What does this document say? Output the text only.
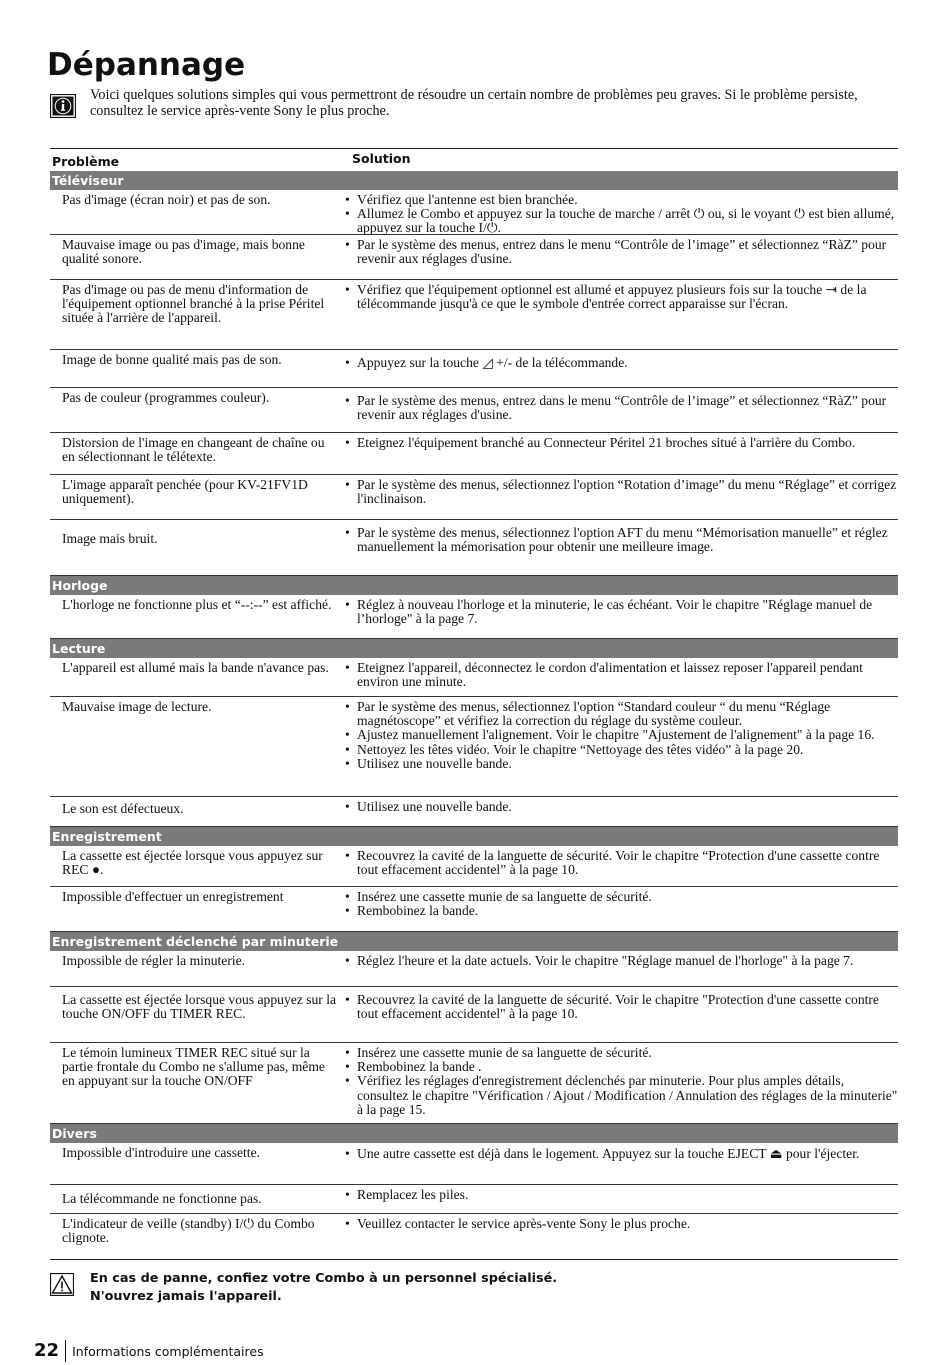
Dépannage

Voici quelques solutions simples qui vous permettront de résoudre un certain nombre de problèmes peu graves. Si le problème persiste, consultez le service après-vente Sony le plus proche.

Problème	Solution
Téléviseur
Pas d'image (écran noir) et pas de son.	• Vérifiez que l'antenne est bien branchée.
• Allumez le Combo et appuyez sur la touche de marche / arrêt ⏻ ou, si le voyant ⏻ est bien allumé, appuyez sur la touche I/⏻.
Mauvaise image ou pas d'image, mais bonne qualité sonore.
• Par le système des menus, entrez dans le menu “Contrôle de l’image” et sélectionnez “RàZ” pour revenir aux réglages d'usine.
Pas d'image ou pas de menu d'information de l'équipement optionnel branché à la prise Péritel située à l'arrière de l'appareil.
• Vérifiez que l'équipement optionnel est allumé et appuyez plusieurs fois sur la touche ⇥ de la télécommande jusqu'à ce que le symbole d'entrée correct apparaisse sur l'écran.
Image de bonne qualité mais pas de son.	• Appuyez sur la touche ◿ +/- de la télécommande.
Pas de couleur (programmes couleur).	• Par le système des menus, entrez dans le menu “Contrôle de l’image” et sélectionnez “RàZ” pour revenir aux réglages d'usine.
Distorsion de l'image en changeant de chaîne ou en sélectionnant le télétexte.
• Eteignez l'équipement branché au Connecteur Péritel 21 broches situé à l'arrière du Combo.
L'image apparaît penchée (pour KV-21FV1D uniquement).
• Par le système des menus, sélectionnez l'option “Rotation d’image” du menu “Réglage” et corrigez l'inclinaison.
Image mais bruit.	• Par le système des menus, sélectionnez l'option AFT du menu “Mémorisation manuelle” et réglez manuellement la mémorisation pour obtenir une meilleure image.
Horloge
L'horloge ne fonctionne plus et “--:--” est affiché.	• Réglez à nouveau l'horloge et la minuterie, le cas échéant. Voir le chapitre "Réglage manuel de l’horloge" à la page 7.
Lecture
L'appareil est allumé mais la bande n'avance pas.	• Eteignez l'appareil, déconnectez le cordon d'alimentation et laissez reposer l'appareil pendant environ une minute.
Mauvaise image de lecture.	• Par le système des menus, sélectionnez l'option “Standard couleur “ du menu “Réglage magnétoscope” et vérifiez la correction du réglage du système couleur.
• Ajustez manuellement l'alignement. Voir le chapitre "Ajustement de l'alignement" à la page 16.
• Nettoyez les têtes vidéo. Voir le chapitre “Nettoyage des têtes vidéo” à la page 20.
• Utilisez une nouvelle bande.
Le son est défectueux.	• Utilisez une nouvelle bande.
Enregistrement
La cassette est éjectée lorsque vous appuyez sur REC ●.
• Recouvrez la cavité de la languette de sécurité. Voir le chapitre “Protection d'une cassette contre tout effacement accidentel” à la page 10.
Impossible d'effectuer un enregistrement	• Insérez une cassette munie de sa languette de sécurité.
• Rembobinez la bande.
Enregistrement déclenché par minuterie
Impossible de régler la minuterie.	• Réglez l'heure et la date actuels. Voir le chapitre "Réglage manuel de l'horloge" à la page 7.
La cassette est éjectée lorsque vous appuyez sur la touche ON/OFF du TIMER REC.
• Recouvrez la cavité de la languette de sécurité. Voir le chapitre "Protection d'une cassette contre tout effacement accidentel" à la page 10.
Le témoin lumineux TIMER REC situé sur la partie frontale du Combo ne s'allume pas, même en appuyant sur la touche ON/OFF
• Insérez une cassette munie de sa languette de sécurité.
• Rembobinez la bande .
• Vérifiez les réglages d'enregistrement déclenchés par minuterie. Pour plus amples détails, consultez le chapitre "Vérification / Ajout / Modification / Annulation des réglages de la minuterie" à la page 15.
Divers
Impossible d'introduire une cassette.	• Une autre cassette est déjà dans le logement. Appuyez sur la touche EJECT ⏏ pour l'éjecter.
La télécommande ne fonctionne pas.	• Remplacez les piles.
L'indicateur de veille (standby) I/⏻ du Combo clignote.
• Veuillez contacter le service après-vente Sony le plus proche.
En cas de panne, confiez votre Combo à un personnel spécialisé.
N'ouvrez jamais l'appareil.
22	Informations complémentaires
